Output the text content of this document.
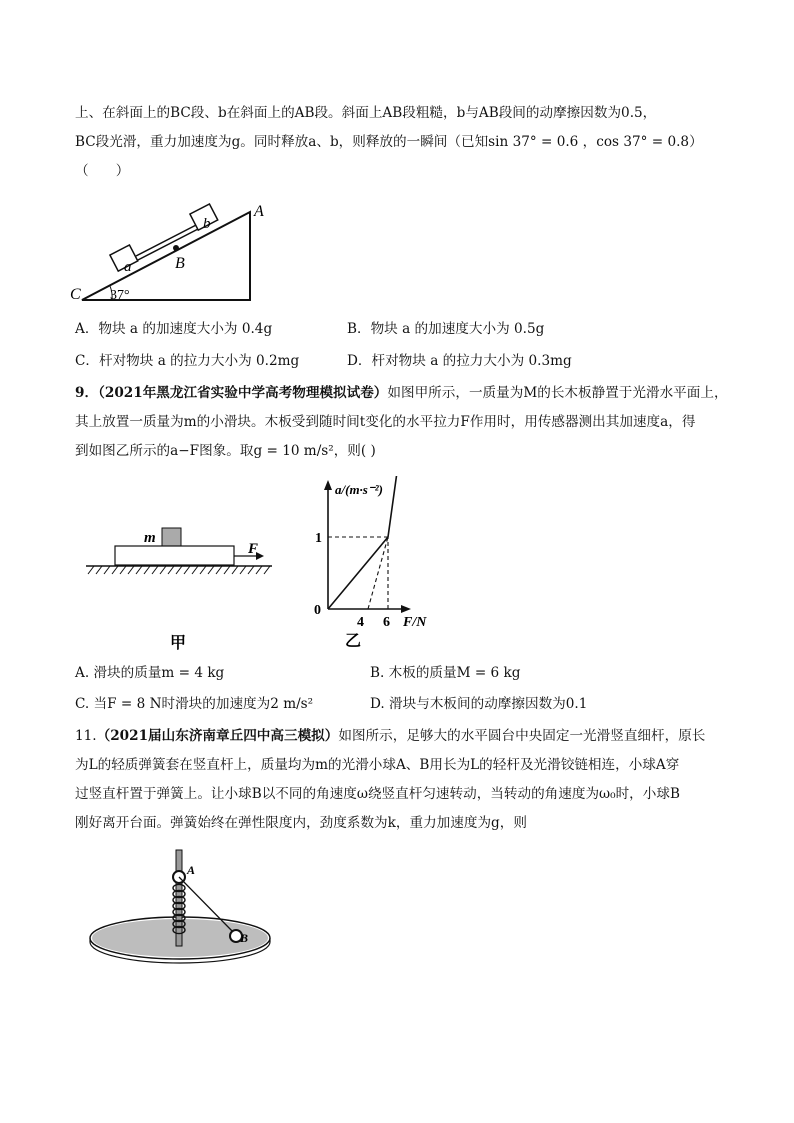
上、在斜面上的BC段、b在斜面上的AB段。斜面上AB段粗糙，b与AB段间的动摩擦因数为0.5，
BC段光滑，重力加速度为g。同时释放a、b，则释放的一瞬间（已知sin 37° = 0.6 ，cos 37° = 0.8）
（　　）
a
b
B
A
C 37°
A．物块 a 的加速度大小为 0.4g	B．物块 a 的加速度大小为 0.5g
C．杆对物块 a 的拉力大小为 0.2mg	D．杆对物块 a 的拉力大小为 0.3mg
9．（2021年黑龙江省实验中学高考物理模拟试卷）如图甲所示，一质量为M的长木板静置于光滑水平面上，
其上放置一质量为m的小滑块。木板受到随时间t变化的水平拉力F作用时，用传感器测出其加速度a，得
到如图乙所示的a−F图象。取g = 10 m/s²，则( )
m
F
甲
a/(m·s⁻²)
F/N
0
1
4 6
乙
A. 滑块的质量m = 4 kg	B. 木板的质量M = 6 kg
C. 当F = 8 N时滑块的加速度为2 m/s²	D. 滑块与木板间的动摩擦因数为0.1
11.（2021届山东济南章丘四中高三模拟）如图所示，足够大的水平圆台中央固定一光滑竖直细杆，原长
为L的轻质弹簧套在竖直杆上，质量均为m的光滑小球A、B用长为L的轻杆及光滑铰链相连，小球A穿
过竖直杆置于弹簧上。让小球B以不同的角速度ω绕竖直杆匀速转动，当转动的角速度为ω₀时，小球B
刚好离开台面。弹簧始终在弹性限度内，劲度系数为k，重力加速度为g，则
A
B
